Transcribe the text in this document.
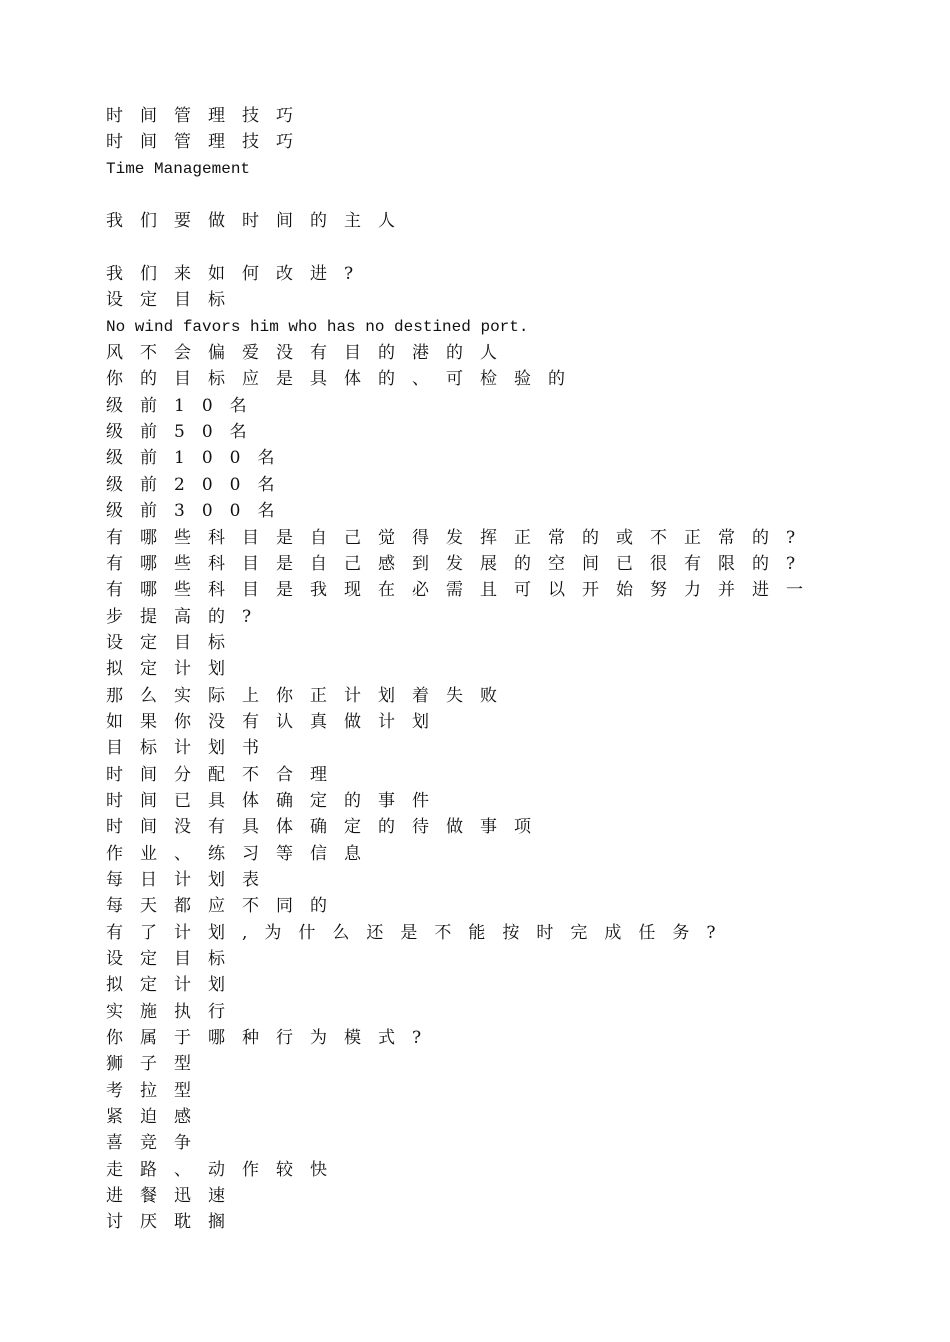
时间管理技巧
时间管理技巧
Time Management
我们要做时间的主人
我们来如何改进?
设定目标
No wind favors him who has no destined port.
风不会偏爱没有目的港的人
你的目标应是具体的、可检验的
级前10名
级前50名
级前100名
级前200名
级前300名
有哪些科目是自己觉得发挥正常的或不正常的?
有哪些科目是自己感到发展的空间已很有限的?
有哪些科目是我现在必需且可以开始努力并进一
步提高的?
设定目标
拟定计划
那么实际上你正计划着失败
如果你没有认真做计划
目标计划书
时间分配不合理
时间已具体确定的事件
时间没有具体确定的待做事项
作业、练习等信息
每日计划表
每天都应不同的
有了计划,为什么还是不能按时完成任务?
设定目标
拟定计划
实施执行
你属于哪种行为模式?
狮子型
考拉型
紧迫感
喜竞争
走路、动作较快
进餐迅速
讨厌耽搁
